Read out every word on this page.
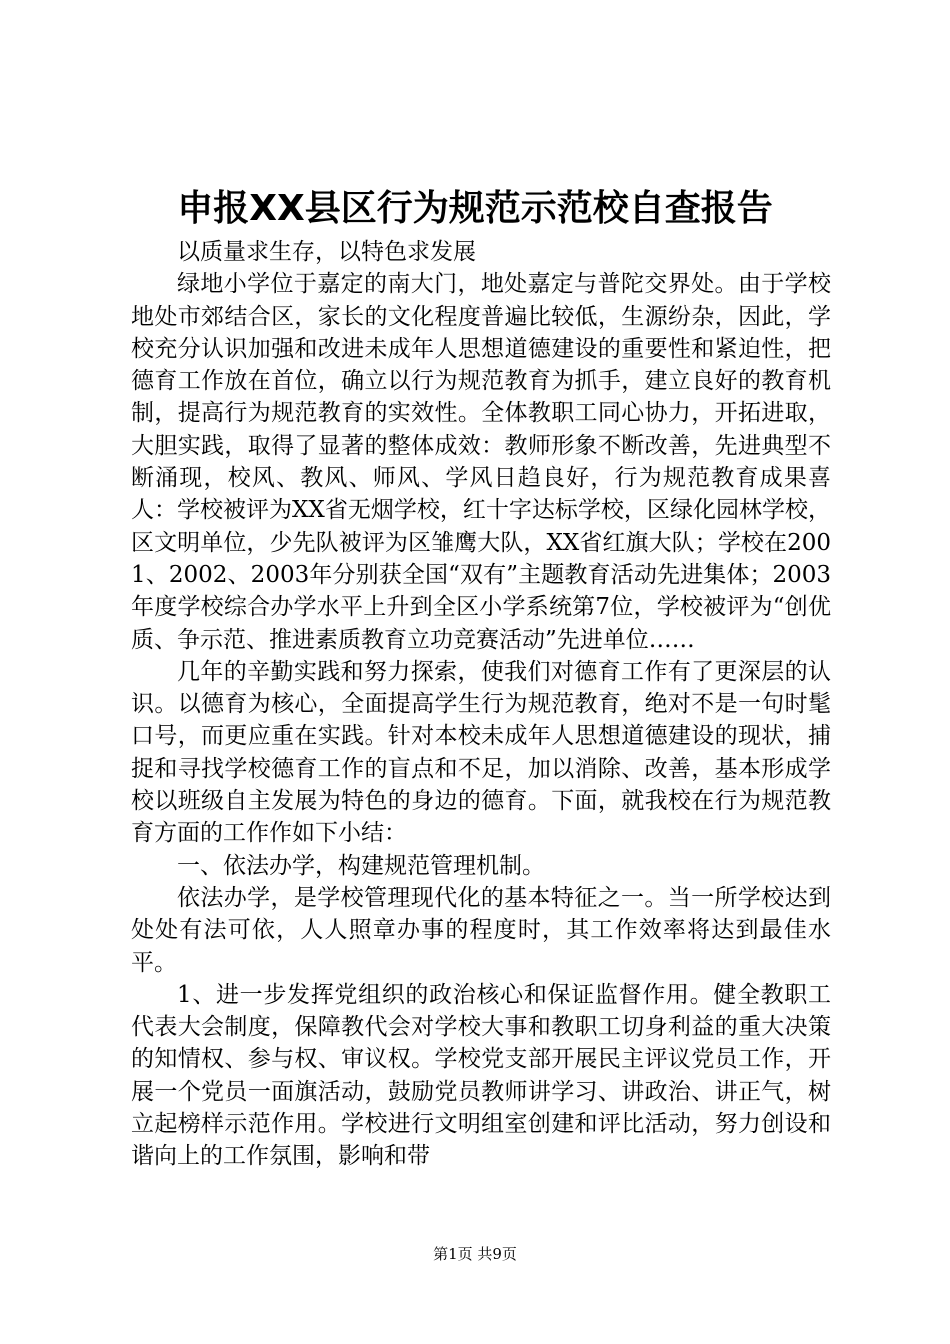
申报XX县区行为规范示范校自查报告

以质量求生存，以特色求发展

绿地小学位于嘉定的南大门，地处嘉定与普陀交界处。由于学校地处市郊结合区，家长的文化程度普遍比较低，生源纷杂，因此，学校充分认识加强和改进未成年人思想道德建设的重要性和紧迫性，把德育工作放在首位，确立以行为规范教育为抓手，建立良好的教育机制，提高行为规范教育的实效性。全体教职工同心协力，开拓进取，大胆实践，取得了显著的整体成效：教师形象不断改善，先进典型不断涌现，校风、教风、师风、学风日趋良好，行为规范教育成果喜人：学校被评为XX省无烟学校，红十字达标学校，区绿化园林学校，区文明单位，少先队被评为区雏鹰大队，XX省红旗大队；学校在2001、2002、2003年分别获全国“双有”主题教育活动先进集体；2003年度学校综合办学水平上升到全区小学系统第7位，学校被评为“创优质、争示范、推进素质教育立功竞赛活动”先进单位……

几年的辛勤实践和努力探索，使我们对德育工作有了更深层的认识。以德育为核心，全面提高学生行为规范教育，绝对不是一句时髦口号，而更应重在实践。针对本校未成年人思想道德建设的现状，捕捉和寻找学校德育工作的盲点和不足，加以消除、改善，基本形成学校以班级自主发展为特色的身边的德育。下面，就我校在行为规范教育方面的工作作如下小结：

一、依法办学，构建规范管理机制。

依法办学，是学校管理现代化的基本特征之一。当一所学校达到处处有法可依，人人照章办事的程度时，其工作效率将达到最佳水平。

1、进一步发挥党组织的政治核心和保证监督作用。健全教职工代表大会制度，保障教代会对学校大事和教职工切身利益的重大决策的知情权、参与权、审议权。学校党支部开展民主评议党员工作，开展一个党员一面旗活动，鼓励党员教师讲学习、讲政治、讲正气，树立起榜样示范作用。学校进行文明组室创建和评比活动，努力创设和谐向上的工作氛围，影响和带

第1页 共9页
